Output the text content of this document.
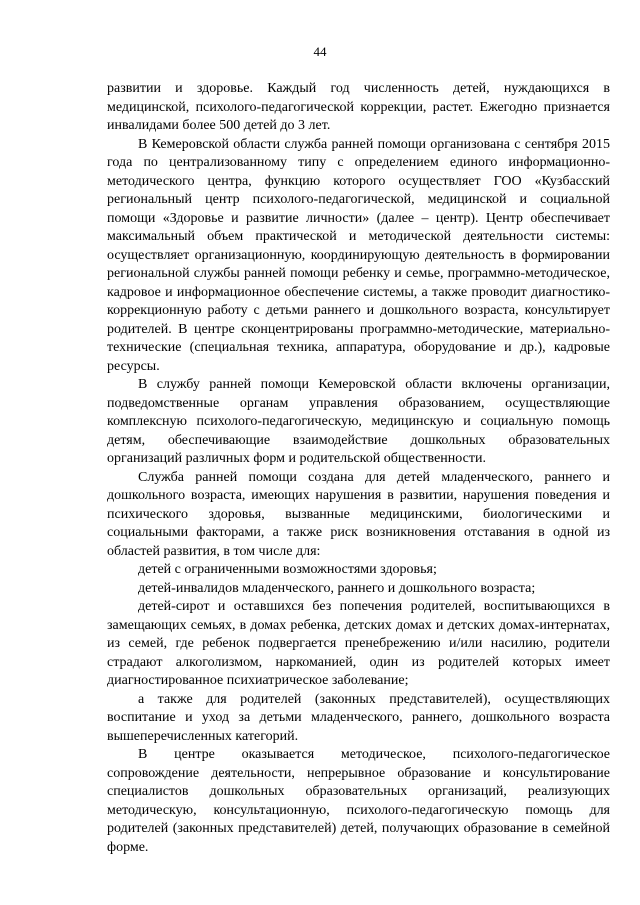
44

развитии и здоровье. Каждый год численность детей, нуждающихся в медицинской, психолого-педагогической коррекции, растет. Ежегодно признается инвалидами более 500 детей до 3 лет.

В Кемеровской области служба ранней помощи организована с сентября 2015 года по централизованному типу с определением единого информационно-методического центра, функцию которого осуществляет ГОО «Кузбасский региональный центр психолого-педагогической, медицинской и социальной помощи «Здоровье и развитие личности» (далее – центр). Центр обеспечивает максимальный объем практической и методической деятельности системы: осуществляет организационную, координирующую деятельность в формировании региональной службы ранней помощи ребенку и семье, программно-методическое, кадровое и информационное обеспечение системы, а также проводит диагностико-коррекционную работу с детьми раннего и дошкольного возраста, консультирует родителей. В центре сконцентрированы программно-методические, материально-технические (специальная техника, аппаратура, оборудование и др.), кадровые ресурсы.

В службу ранней помощи Кемеровской области включены организации, подведомственные органам управления образованием, осуществляющие комплексную психолого-педагогическую, медицинскую и социальную помощь детям, обеспечивающие взаимодействие дошкольных образовательных организаций различных форм и родительской общественности.

Служба ранней помощи создана для детей младенческого, раннего и дошкольного возраста, имеющих нарушения в развитии, нарушения поведения и психического здоровья, вызванные медицинскими, биологическими и социальными факторами, а также риск возникновения отставания в одной из областей развития, в том числе для:

детей с ограниченными возможностями здоровья;

детей-инвалидов младенческого, раннего и дошкольного возраста;

детей-сирот и оставшихся без попечения родителей, воспитывающихся в замещающих семьях, в домах ребенка, детских домах и детских домах-интернатах, из семей, где ребенок подвергается пренебрежению и/или насилию, родители страдают алкоголизмом, наркоманией, один из родителей которых имеет диагностированное психиатрическое заболевание;

а также для родителей (законных представителей), осуществляющих воспитание и уход за детьми младенческого, раннего, дошкольного возраста вышеперечисленных категорий.

В центре оказывается методическое, психолого-педагогическое сопровождение деятельности, непрерывное образование и консультирование специалистов дошкольных образовательных организаций, реализующих методическую, консультационную, психолого-педагогическую помощь для родителей (законных представителей) детей, получающих образование в семейной форме.
